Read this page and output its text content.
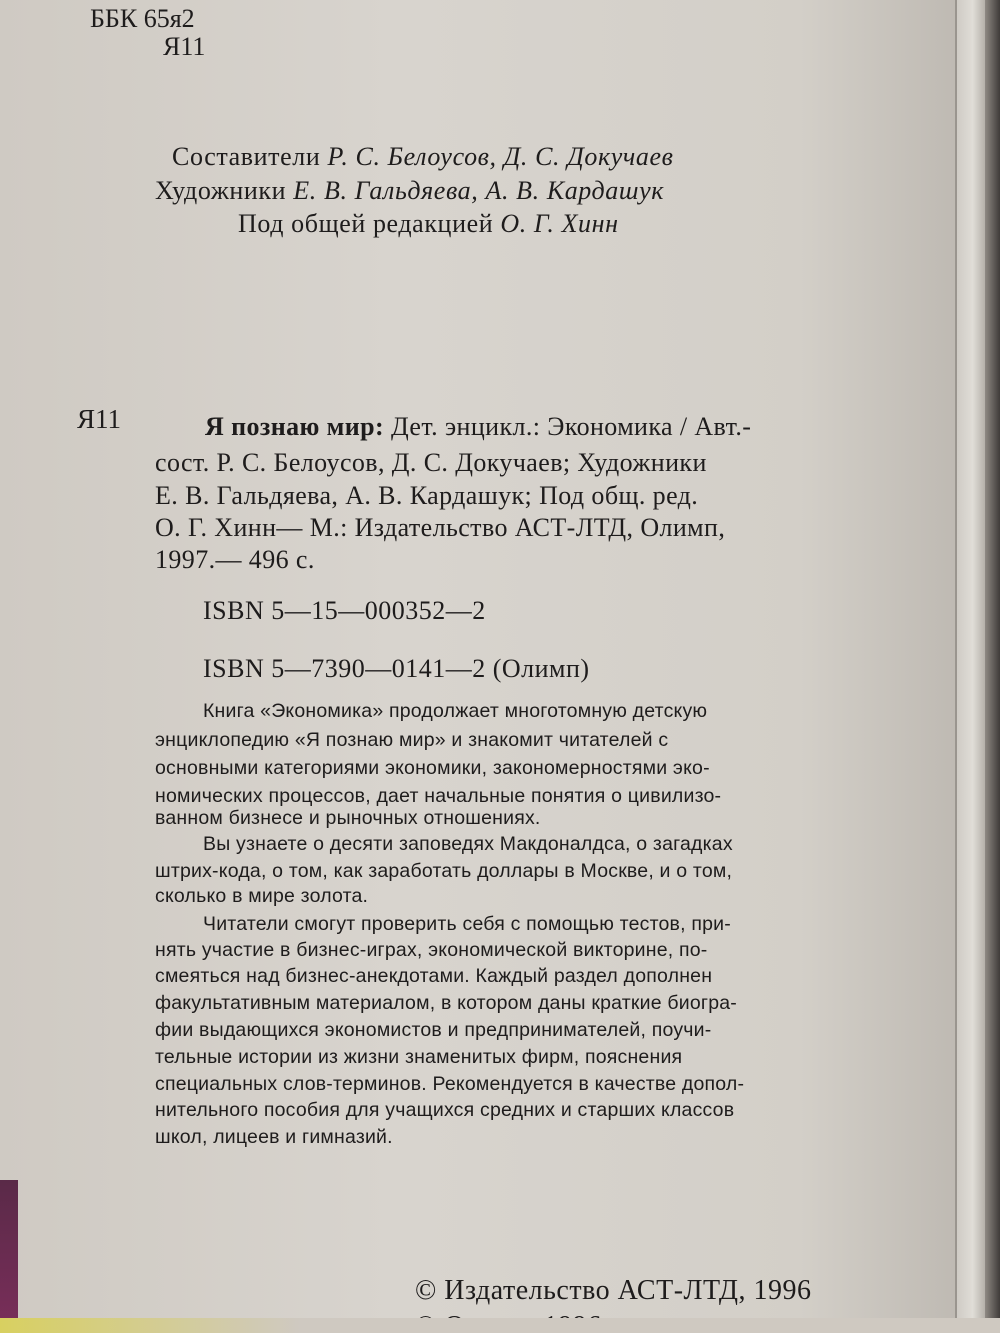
ББК 65я2
Я11
Составители Р. С. Белоусов, Д. С. Докучаев
Художники Е. В. Гальдяева, А. В. Кардашук
Под общей редакцией О. Г. Хинн
Я11	Я познаю мир: Дет. энцикл.: Экономика / Авт.-
сост. Р. С. Белоусов, Д. С. Докучаев; Художники
Е. В. Гальдяева, А. В. Кардашук; Под общ. ред.
О. Г. Хинн— М.: Издательство АСТ-ЛТД, Олимп,
1997.— 496 с.
ISBN 5—15—000352—2
ISBN 5—7390—0141—2 (Олимп)
Книга «Экономика» продолжает многотомную детскую
энциклопедию «Я познаю мир» и знакомит читателей с
основными категориями экономики, закономерностями эко-
номических процессов, дает начальные понятия о цивилизо-
ванном бизнесе и рыночных отношениях.
Вы узнаете о десяти заповедях Макдоналдса, о загадках
штрих-кода, о том, как заработать доллары в Москве, и о том,
сколько в мире золота.
Читатели смогут проверить себя с помощью тестов, при-
нять участие в бизнес-играх, экономической викторине, по-
смеяться над бизнес-анекдотами. Каждый раздел дополнен
факультативным материалом, в котором даны краткие биогра-
фии выдающихся экономистов и предпринимателей, поучи-
тельные истории из жизни знаменитых фирм, пояснения
специальных слов-терминов. Рекомендуется в качестве допол-
нительного пособия для учащихся средних и старших классов
школ, лицеев и гимназий.
© Издательство АСТ-ЛТД, 1996
